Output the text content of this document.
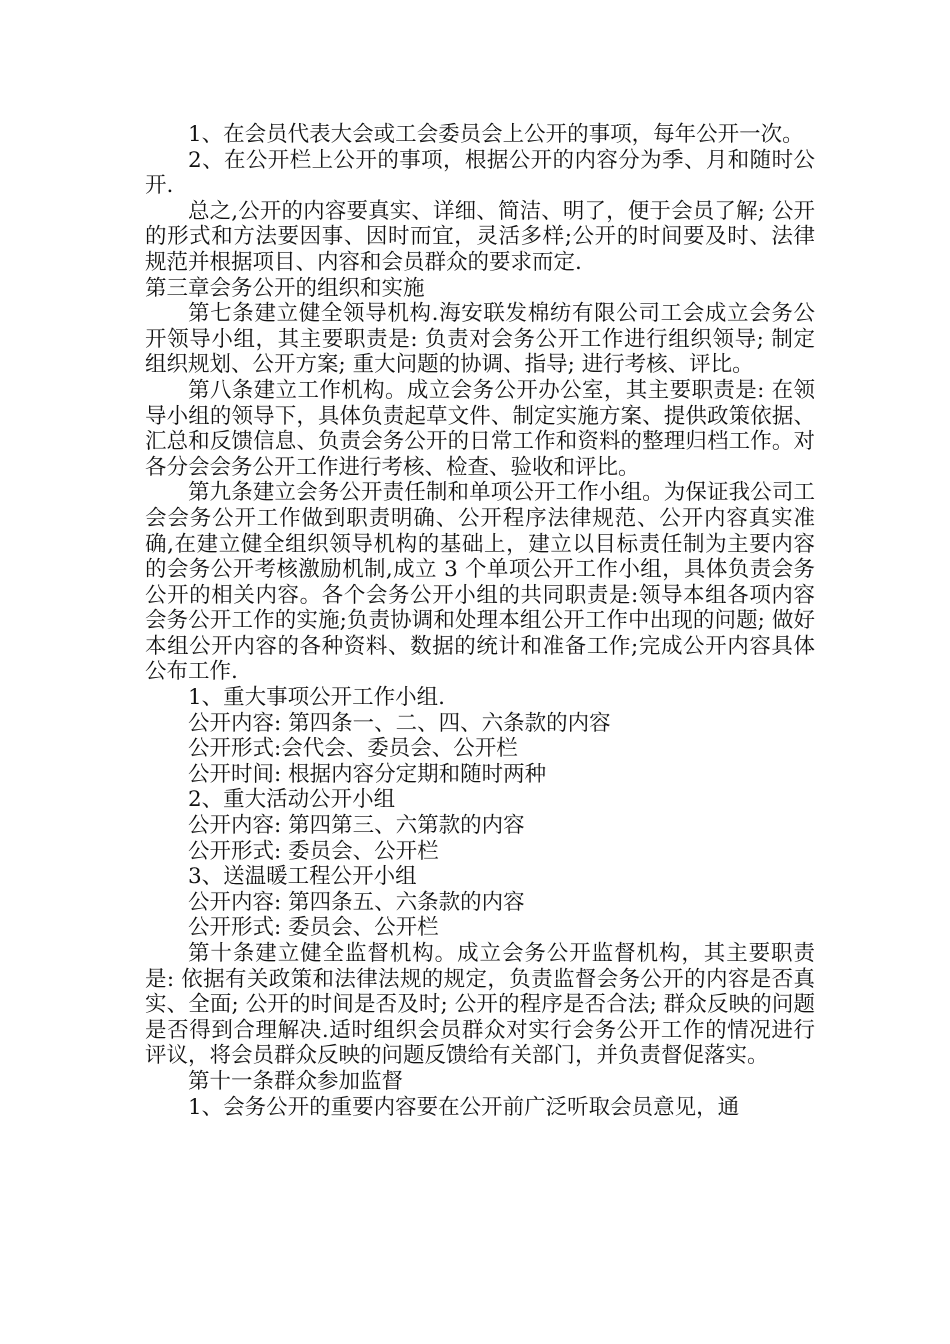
1、在会员代表大会或工会委员会上公开的事项，每年公开一次。

2、在公开栏上公开的事项，根据公开的内容分为季、月和随时公开.

总之,公开的内容要真实、详细、简洁、明了，便于会员了解; 公开的形式和方法要因事、因时而宜，灵活多样;公开的时间要及时、法律规范并根据项目、内容和会员群众的要求而定.

第三章会务公开的组织和实施

第七条建立健全领导机构.海安联发棉纺有限公司工会成立会务公开领导小组，其主要职责是: 负责对会务公开工作进行组织领导; 制定组织规划、公开方案; 重大问题的协调、指导; 进行考核、评比。

第八条建立工作机构。成立会务公开办公室，其主要职责是: 在领导小组的领导下，具体负责起草文件、制定实施方案、提供政策依据、汇总和反馈信息、负责会务公开的日常工作和资料的整理归档工作。对各分会会务公开工作进行考核、检查、验收和评比。

第九条建立会务公开责任制和单项公开工作小组。为保证我公司工会会务公开工作做到职责明确、公开程序法律规范、公开内容真实准确,在建立健全组织领导机构的基础上，建立以目标责任制为主要内容的会务公开考核激励机制,成立 3 个单项公开工作小组，具体负责会务公开的相关内容。各个会务公开小组的共同职责是:领导本组各项内容会务公开工作的实施;负责协调和处理本组公开工作中出现的问题; 做好本组公开内容的各种资料、数据的统计和准备工作;完成公开内容具体公布工作.

1、重大事项公开工作小组.

公开内容: 第四条一、二、四、六条款的内容

公开形式:会代会、委员会、公开栏

公开时间: 根据内容分定期和随时两种

2、重大活动公开小组

公开内容: 第四第三、六第款的内容

公开形式: 委员会、公开栏

3、送温暖工程公开小组

公开内容: 第四条五、六条款的内容

公开形式: 委员会、公开栏

第十条建立健全监督机构。成立会务公开监督机构，其主要职责是: 依据有关政策和法律法规的规定，负责监督会务公开的内容是否真实、全面; 公开的时间是否及时; 公开的程序是否合法; 群众反映的问题是否得到合理解决.适时组织会员群众对实行会务公开工作的情况进行评议，将会员群众反映的问题反馈给有关部门，并负责督促落实。

第十一条群众参加监督

1、会务公开的重要内容要在公开前广泛听取会员意见，通
